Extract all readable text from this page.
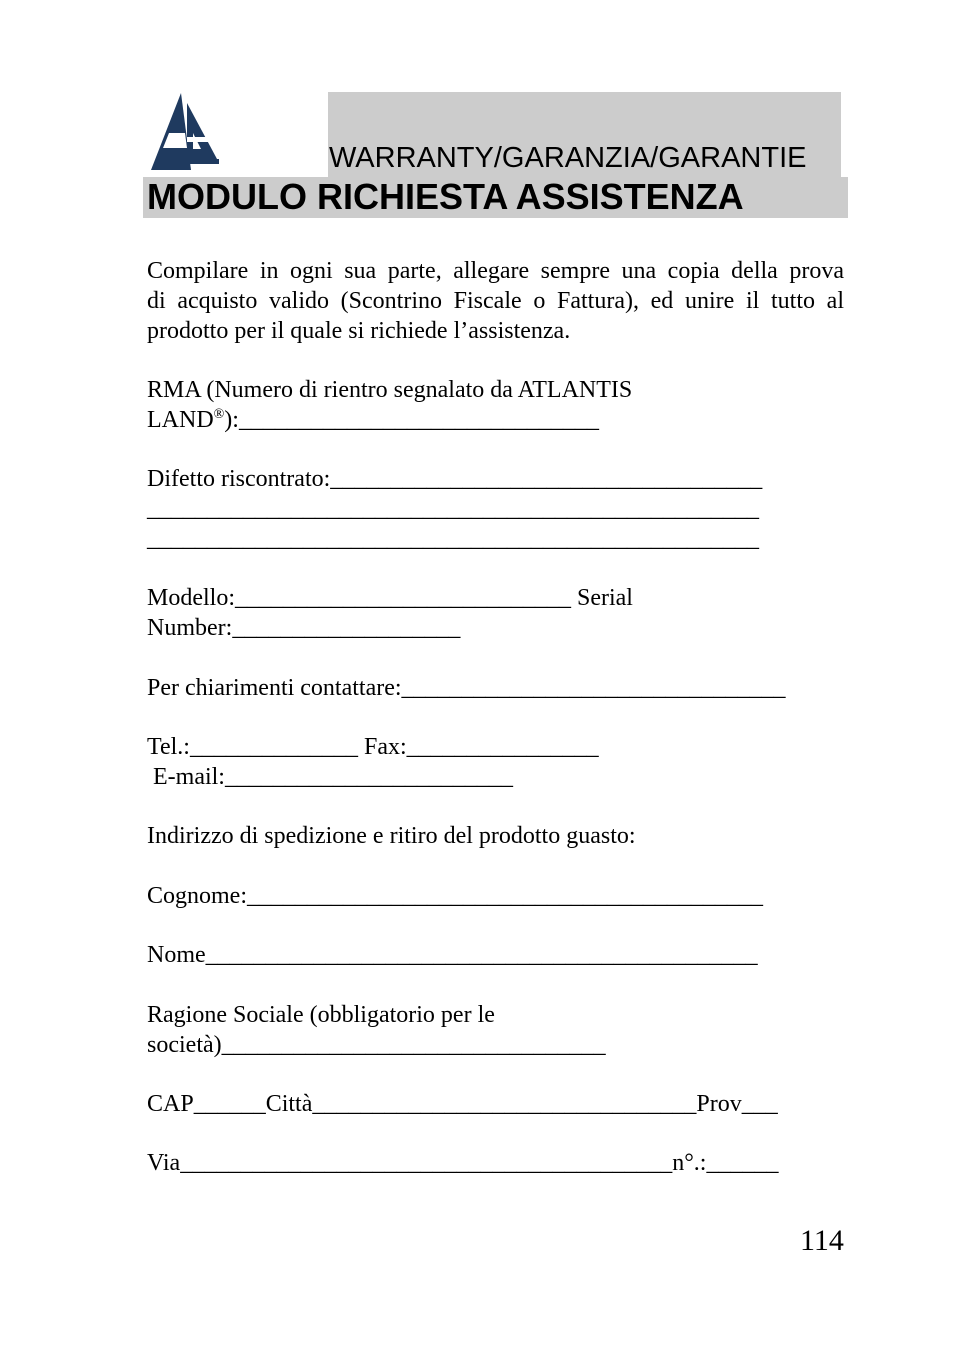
WARRANTY/GARANZIA/GARANTIE
MODULO RICHIESTA ASSISTENZA
Compilare in ogni sua parte, allegare sempre una copia della prova
di acquisto valido (Scontrino Fiscale o Fattura), ed unire il tutto al
prodotto per il quale si richiede l’assistenza.
RMA (Numero di rientro segnalato da ATLANTIS
LAND®):______________________________
Difetto riscontrato:____________________________________
___________________________________________________
___________________________________________________
Modello:____________________________ Serial
Number:___________________
Per chiarimenti contattare:________________________________
Tel.:______________ Fax:________________
E-mail:________________________
Indirizzo di spedizione e ritiro del prodotto guasto:
Cognome:___________________________________________
Nome______________________________________________
Ragione Sociale (obbligatorio per le
società)________________________________
CAP______Città________________________________Prov___
Via_________________________________________n°.:______
114
